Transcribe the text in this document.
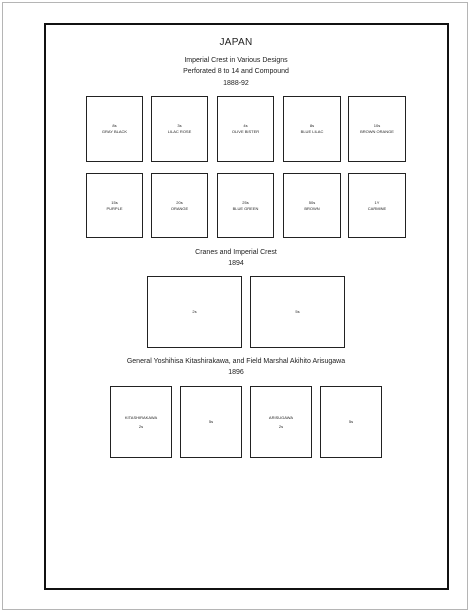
JAPAN
Imperial Crest in Various Designs
Perforated 8 to 14 and Compound
1888-92
8s
GRAY BLACK
3s
LILAC ROSE
4s
OLIVE BISTER
8s
BLUE LILAC
10s
BROWN ORANGE
15s
PURPLE
20s
ORANGE
25s
BLUE GREEN
50s
BROWN
1Y
CARMINE
Cranes and Imperial Crest
1894
2s	5s
General Yoshihisa Kitashirakawa, and Field Marshal Akihito Arisugawa
1896
KITASHIRAKAWA
2s
5s
ARISUGAWA
2s
5s
